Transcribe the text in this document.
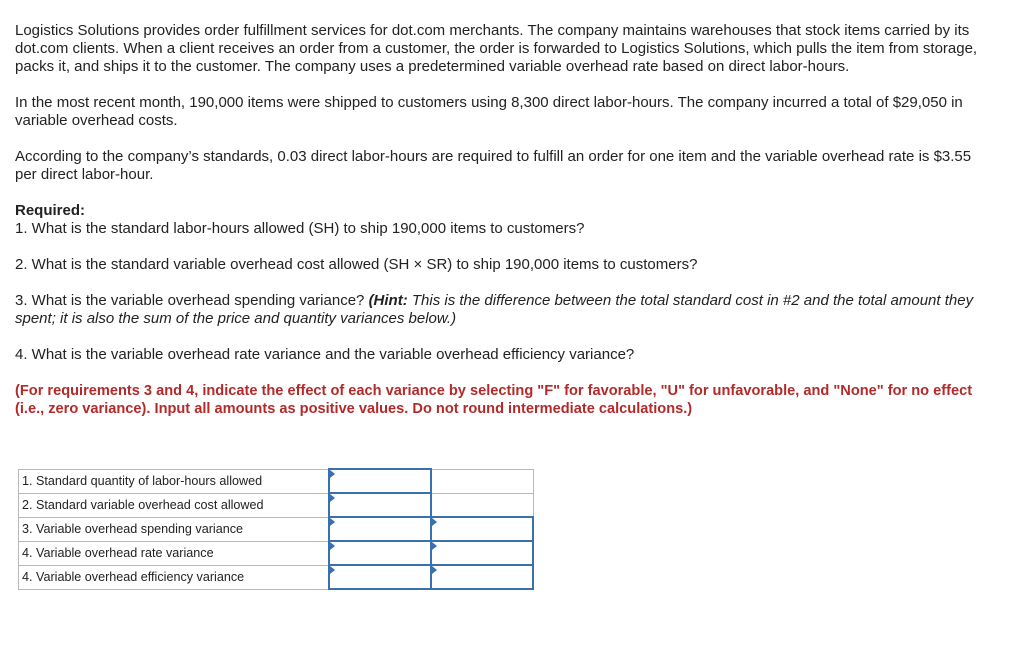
Logistics Solutions provides order fulfillment services for dot.com merchants. The company maintains warehouses that stock items carried by its dot.com clients. When a client receives an order from a customer, the order is forwarded to Logistics Solutions, which pulls the item from storage, packs it, and ships it to the customer. The company uses a predetermined variable overhead rate based on direct labor-hours.

In the most recent month, 190,000 items were shipped to customers using 8,300 direct labor-hours. The company incurred a total of $29,050 in variable overhead costs.

According to the company’s standards, 0.03 direct labor-hours are required to fulfill an order for one item and the variable overhead rate is $3.55 per direct labor-hour.

Required:

1. What is the standard labor-hours allowed (SH) to ship 190,000 items to customers?

2. What is the standard variable overhead cost allowed (SH × SR) to ship 190,000 items to customers?

3. What is the variable overhead spending variance? (Hint: This is the difference between the total standard cost in #2 and the total amount they spent; it is also the sum of the price and quantity variances below.)

4. What is the variable overhead rate variance and the variable overhead efficiency variance?

(For requirements 3 and 4, indicate the effect of each variance by selecting "F" for favorable, "U" for unfavorable, and "None" for no effect (i.e., zero variance). Input all amounts as positive values. Do not round intermediate calculations.)

1. Standard quantity of labor-hours allowed		
2. Standard variable overhead cost allowed		
3. Variable overhead spending variance		
4. Variable overhead rate variance		
4. Variable overhead efficiency variance		
